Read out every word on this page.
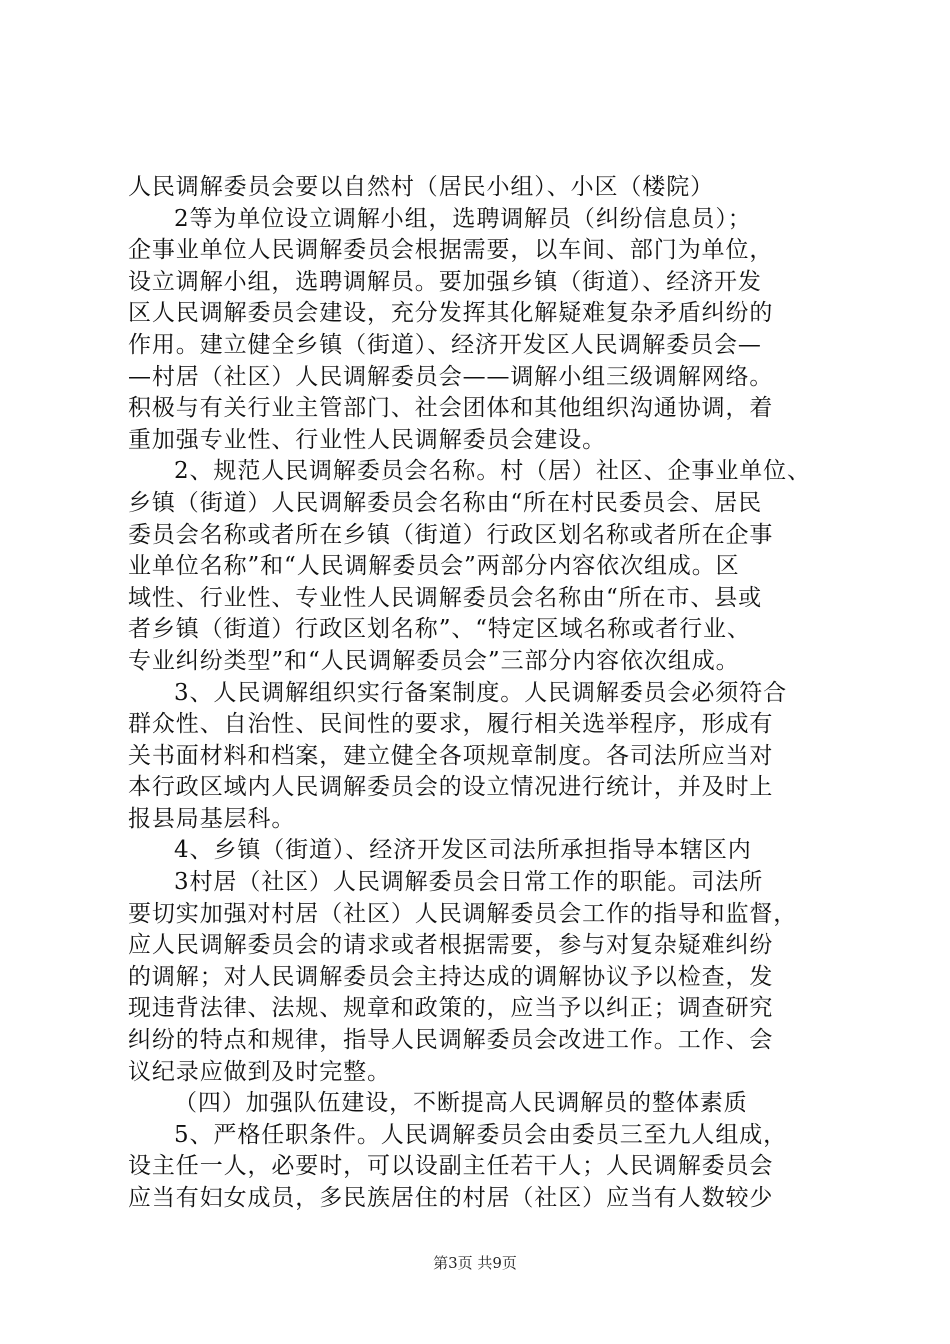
人民调解委员会要以自然村（居民小组）、小区（楼院）
2等为单位设立调解小组，选聘调解员（纠纷信息员）；
企事业单位人民调解委员会根据需要，以车间、部门为单位，
设立调解小组，选聘调解员。要加强乡镇（街道）、经济开发
区人民调解委员会建设，充分发挥其化解疑难复杂矛盾纠纷的
作用。建立健全乡镇（街道）、经济开发区人民调解委员会—
—村居（社区）人民调解委员会——调解小组三级调解网络。
积极与有关行业主管部门、社会团体和其他组织沟通协调，着
重加强专业性、行业性人民调解委员会建设。
2、规范人民调解委员会名称。村（居）社区、企事业单位、
乡镇（街道）人民调解委员会名称由“所在村民委员会、居民
委员会名称或者所在乡镇（街道）行政区划名称或者所在企事
业单位名称”和“人民调解委员会”两部分内容依次组成。区
域性、行业性、专业性人民调解委员会名称由“所在市、县或
者乡镇（街道）行政区划名称”、“特定区域名称或者行业、
专业纠纷类型”和“人民调解委员会”三部分内容依次组成。
3、人民调解组织实行备案制度。人民调解委员会必须符合
群众性、自治性、民间性的要求，履行相关选举程序，形成有
关书面材料和档案，建立健全各项规章制度。各司法所应当对
本行政区域内人民调解委员会的设立情况进行统计，并及时上
报县局基层科。
4、乡镇（街道）、经济开发区司法所承担指导本辖区内
3村居（社区）人民调解委员会日常工作的职能。司法所
要切实加强对村居（社区）人民调解委员会工作的指导和监督，
应人民调解委员会的请求或者根据需要，参与对复杂疑难纠纷
的调解；对人民调解委员会主持达成的调解协议予以检查，发
现违背法律、法规、规章和政策的，应当予以纠正；调查研究
纠纷的特点和规律，指导人民调解委员会改进工作。工作、会
议纪录应做到及时完整。
（四）加强队伍建设，不断提高人民调解员的整体素质
5、严格任职条件。人民调解委员会由委员三至九人组成，
设主任一人，必要时，可以设副主任若干人；人民调解委员会
应当有妇女成员，多民族居住的村居（社区）应当有人数较少
第3页 共9页
